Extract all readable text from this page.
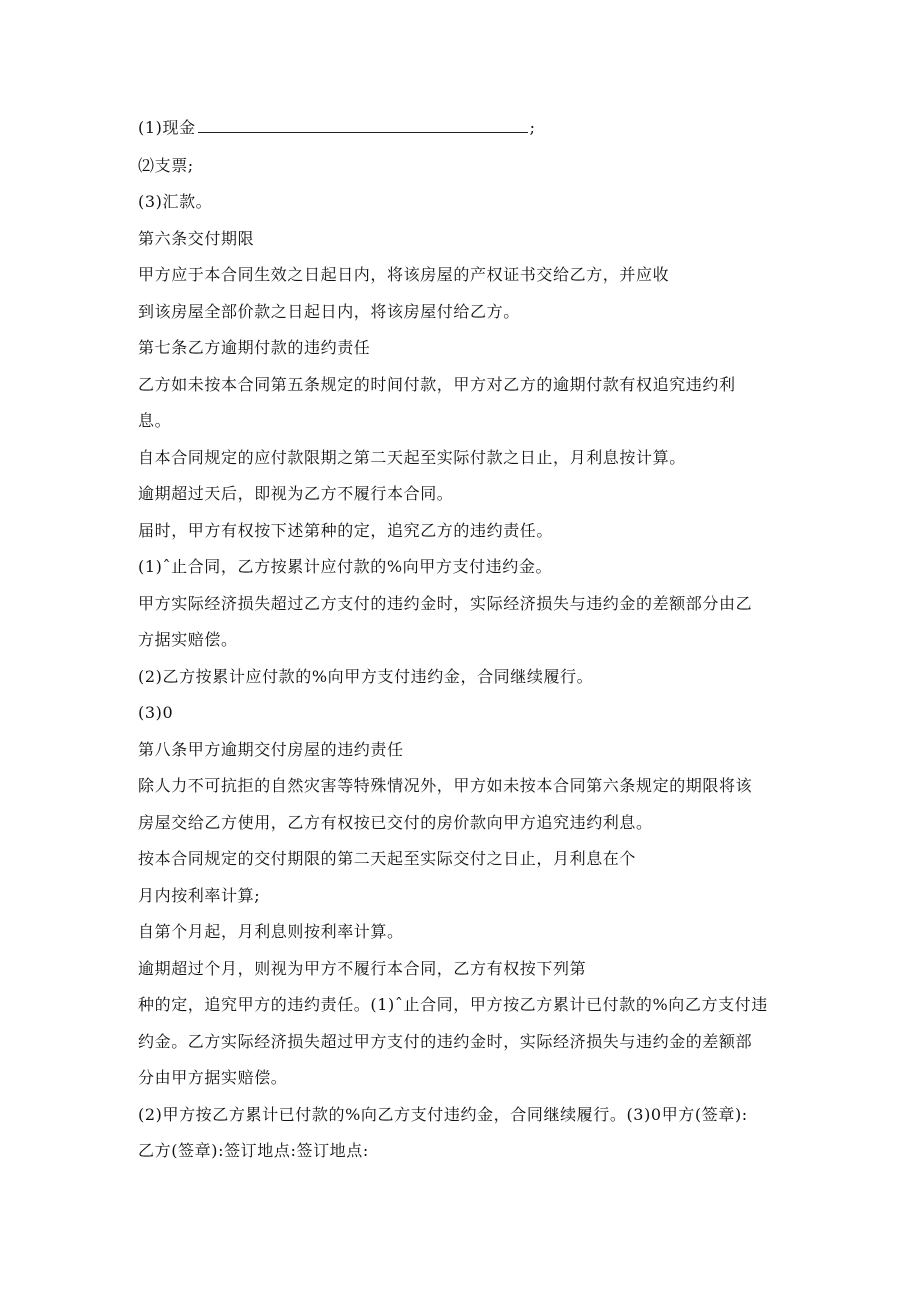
(1)现金	;
⑵支票;
(3)汇款。
第六条交付期限
甲方应于本合同生效之日起日内，将该房屋的产权证书交给乙方，并应收
到该房屋全部价款之日起日内，将该房屋付给乙方。
第七条乙方逾期付款的违约责任
乙方如未按本合同第五条规定的时间付款，甲方对乙方的逾期付款有权追究违约利
息。
自本合同规定的应付款限期之第二天起至实际付款之日止，月利息按计算。
逾期超过天后，即视为乙方不履行本合同。
届时，甲方有权按下述第种的定，追究乙方的违约责任。
(1)ˆ止合同，乙方按累计应付款的%向甲方支付违约金。
甲方实际经济损失超过乙方支付的违约金时，实际经济损失与违约金的差额部分由乙
方据实赔偿。
(2)乙方按累计应付款的%向甲方支付违约金，合同继续履行。
(3)0
第八条甲方逾期交付房屋的违约责任
除人力不可抗拒的自然灾害等特殊情况外，甲方如未按本合同第六条规定的期限将该
房屋交给乙方使用，乙方有权按已交付的房价款向甲方追究违约利息。
按本合同规定的交付期限的第二天起至实际交付之日止，月利息在个
月内按利率计算;
自第个月起，月利息则按利率计算。
逾期超过个月，则视为甲方不履行本合同，乙方有权按下列第
种的定，追究甲方的违约责任。(1)ˆ止合同，甲方按乙方累计已付款的%向乙方支付违
约金。乙方实际经济损失超过甲方支付的违约金时，实际经济损失与违约金的差额部
分由甲方据实赔偿。
(2)甲方按乙方累计已付款的%向乙方支付违约金，合同继续履行。(3)0甲方(签章):
乙方(签章):签订地点:签订地点:
